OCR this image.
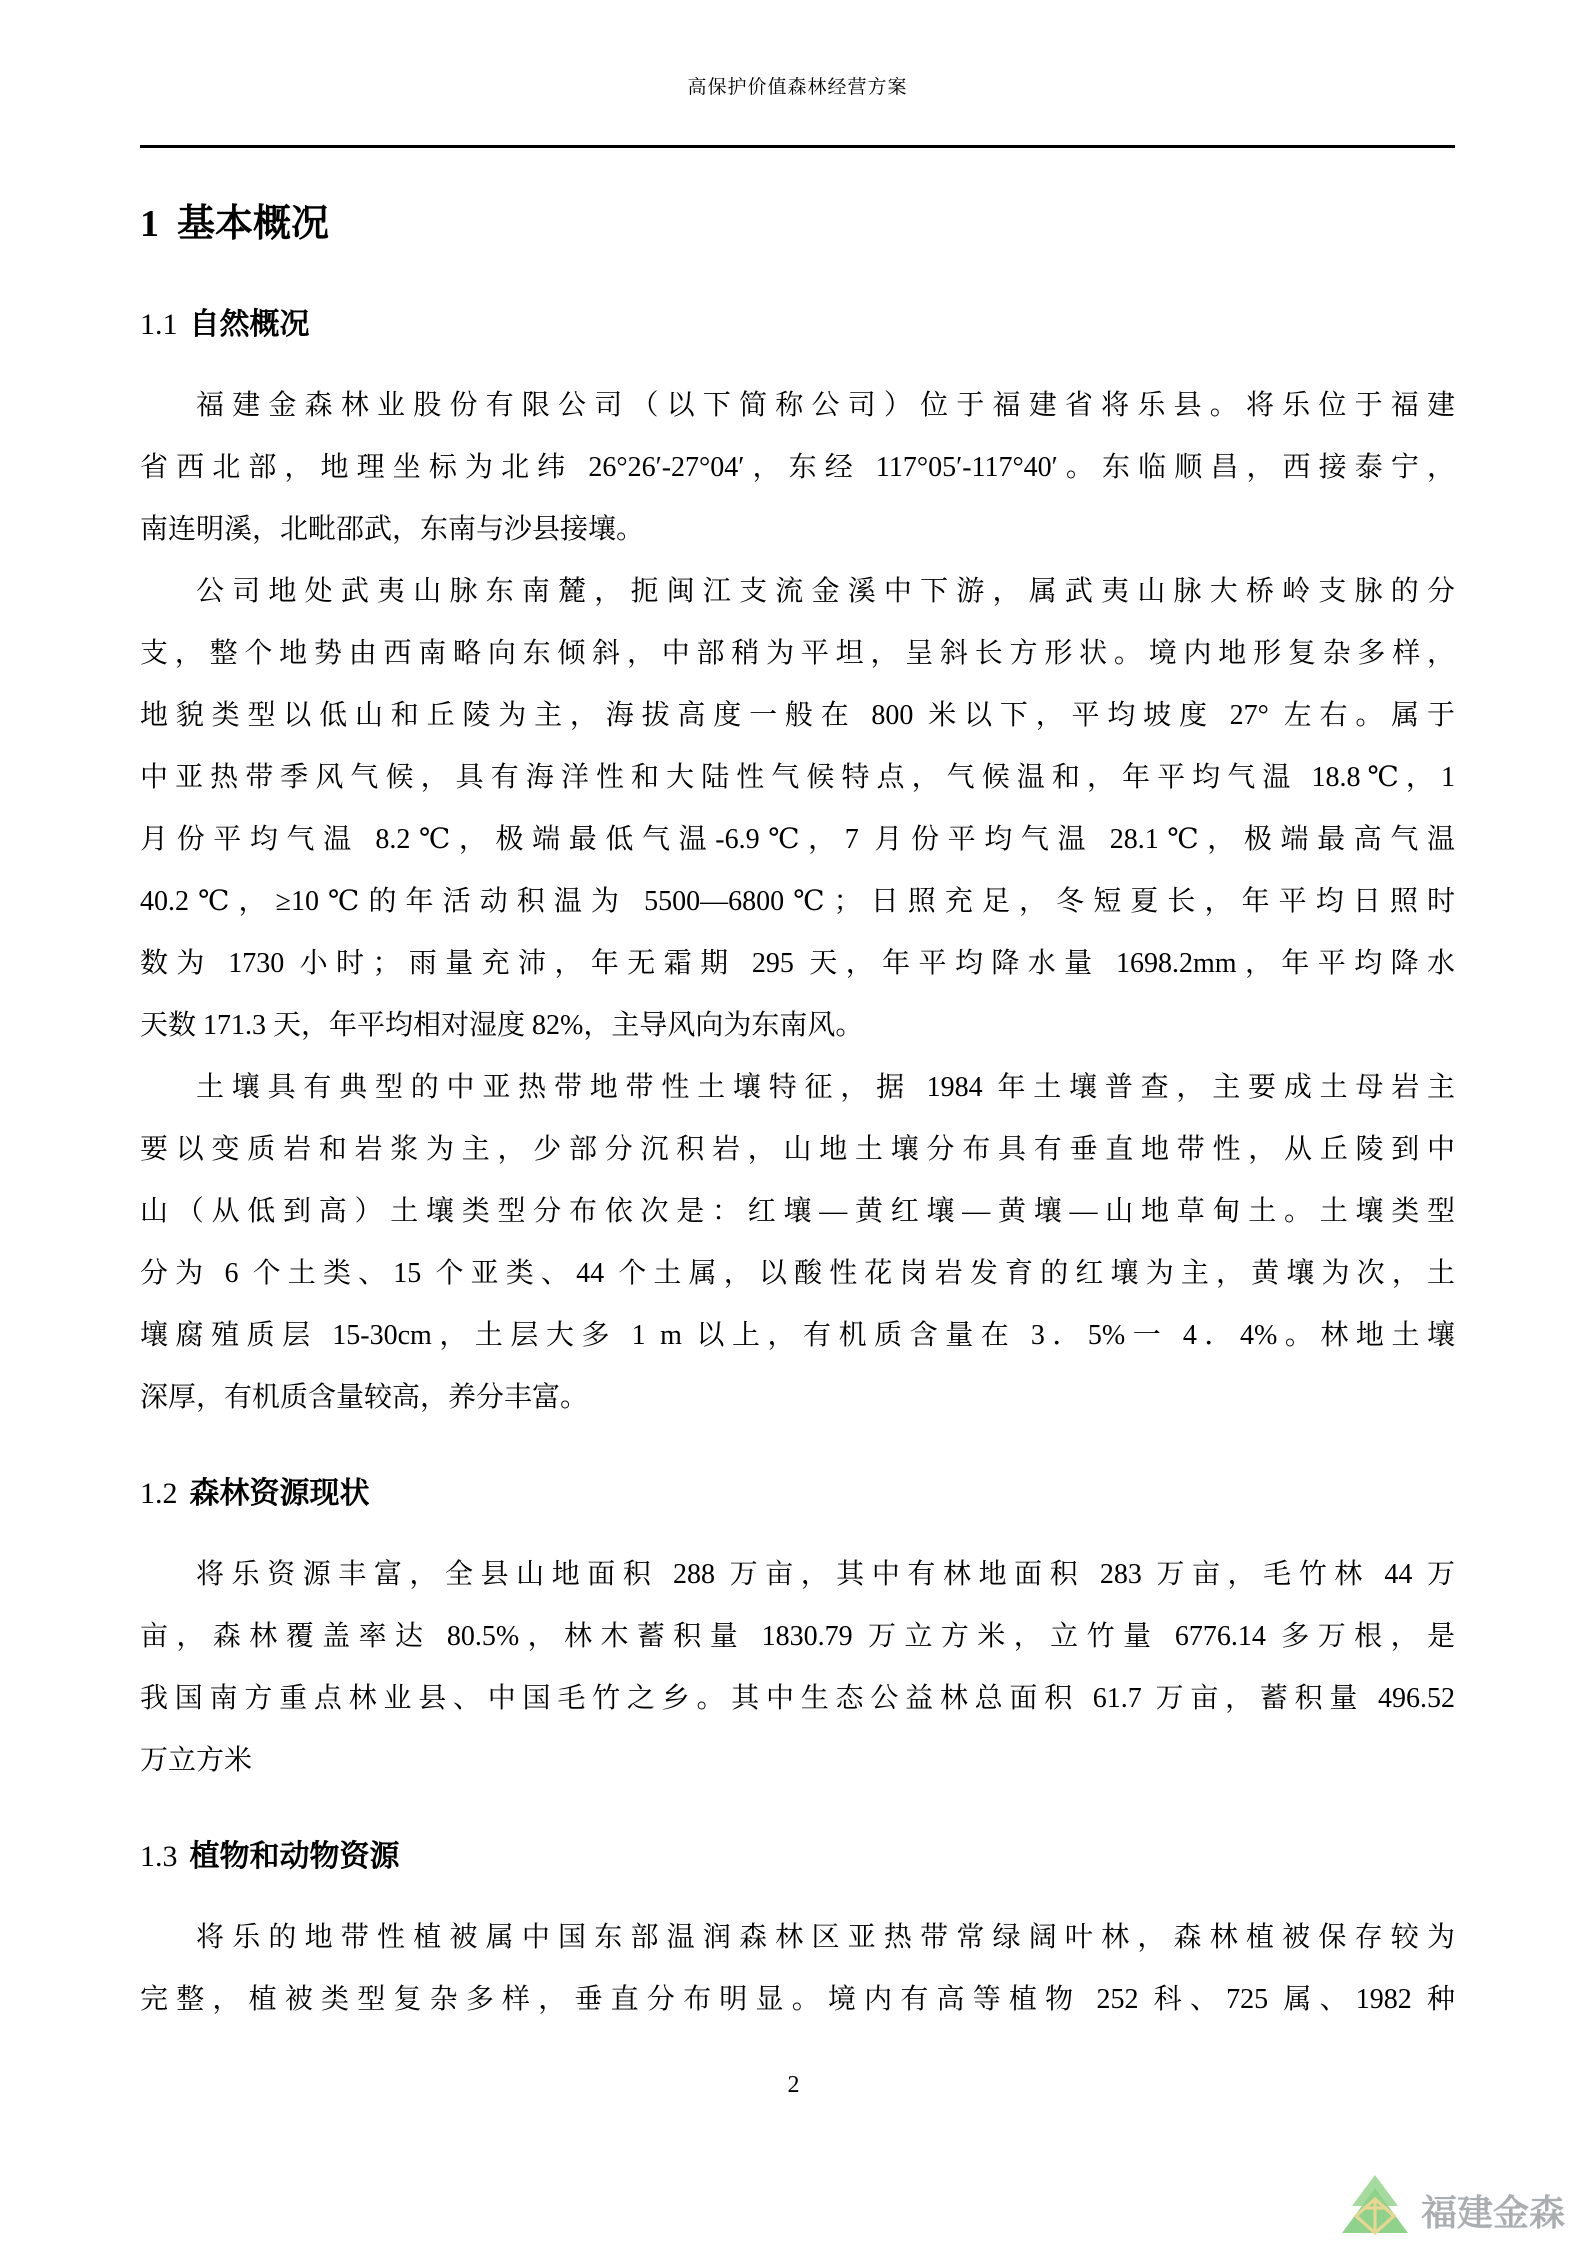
高保护价值森林经营方案
1 基本概况
1.1 自然概况
福建金森林业股份有限公司（以下简称公司）位于福建省将乐县。将乐位于福建
省西北部，地理坐标为北纬 26°26′-27°04′，东经 117°05′-117°40′。东临顺昌，西接泰宁，
南连明溪，北毗邵武，东南与沙县接壤。
公司地处武夷山脉东南麓，扼闽江支流金溪中下游，属武夷山脉大桥岭支脉的分
支，整个地势由西南略向东倾斜，中部稍为平坦，呈斜长方形状。境内地形复杂多样，
地貌类型以低山和丘陵为主，海拔高度一般在 800 米以下，平均坡度 27° 左右。属于
中亚热带季风气候，具有海洋性和大陆性气候特点，气候温和，年平均气温 18.8℃，1
月份平均气温 8.2℃，极端最低气温-6.9℃，7 月份平均气温 28.1℃，极端最高气温
40.2℃，≥10℃的年活动积温为 5500—6800℃；日照充足，冬短夏长，年平均日照时
数为 1730 小时；雨量充沛，年无霜期 295 天，年平均降水量 1698.2mm，年平均降水
天数 171.3 天，年平均相对湿度 82%，主导风向为东南风。
土壤具有典型的中亚热带地带性土壤特征，据 1984 年土壤普查，主要成土母岩主
要以变质岩和岩浆为主，少部分沉积岩，山地土壤分布具有垂直地带性，从丘陵到中
山（从低到高）土壤类型分布依次是：红壤—黄红壤—黄壤—山地草甸土。土壤类型
分为 6 个土类、15 个亚类、44 个土属，以酸性花岗岩发育的红壤为主，黄壤为次，土
壤腐殖质层 15-30cm，土层大多 1 m 以上，有机质含量在 3．5%一 4．4%。林地土壤
深厚，有机质含量较高，养分丰富。
1.2 森林资源现状
将乐资源丰富，全县山地面积 288 万亩，其中有林地面积 283 万亩，毛竹林 44 万
亩，森林覆盖率达 80.5%，林木蓄积量 1830.79 万立方米，立竹量 6776.14 多万根，是
我国南方重点林业县、中国毛竹之乡。其中生态公益林总面积 61.7 万亩，蓄积量 496.52
万立方米
1.3 植物和动物资源
将乐的地带性植被属中国东部温润森林区亚热带常绿阔叶林，森林植被保存较为
完整，植被类型复杂多样，垂直分布明显。境内有高等植物 252 科、725 属、1982 种
2
福建金森
